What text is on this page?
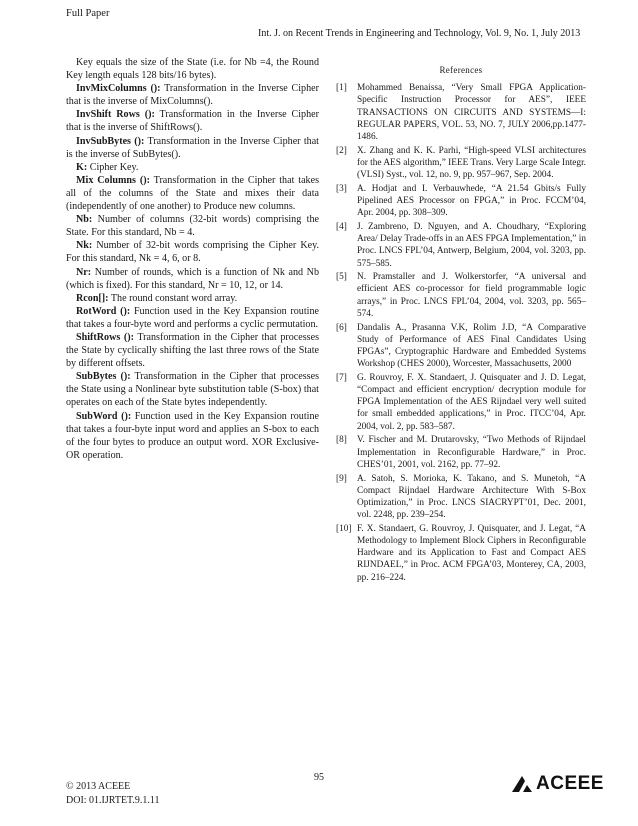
Full Paper
Int. J. on Recent Trends in Engineering and Technology, Vol. 9, No. 1, July 2013

Key equals the size of the State (i.e. for Nb =4, the Round Key length equals 128 bits/16 bytes).

InvMixColumns (): Transformation in the Inverse Cipher that is the inverse of MixColumns().

InvShift Rows (): Transformation in the Inverse Cipher that is the inverse of ShiftRows().

InvSubBytes (): Transformation in the Inverse Cipher that is the inverse of SubBytes().

K: Cipher Key.

Mix Columns (): Transformation in the Cipher that takes all of the columns of the State and mixes their data (independently of one another) to Produce new columns.

Nb: Number of columns (32-bit words) comprising the State. For this standard, Nb = 4.

Nk: Number of 32-bit words comprising the Cipher Key. For this standard, Nk = 4, 6, or 8.

Nr: Number of rounds, which is a function of Nk and Nb (which is fixed). For this standard, Nr = 10, 12, or 14.

Rcon[]: The round constant word array.

RotWord (): Function used in the Key Expansion routine that takes a four-byte word and performs a cyclic permutation.

ShiftRows (): Transformation in the Cipher that processes the State by cyclically shifting the last three rows of the State by different offsets.

SubBytes (): Transformation in the Cipher that processes the State using a Nonlinear byte substitution table (S-box) that operates on each of the State bytes independently.

SubWord (): Function used in the Key Expansion routine that takes a four-byte input word and applies an S-box to each of the four bytes to produce an output word. XOR Exclusive-OR operation.

References
[1]	Mohammed Benaissa, “Very Small FPGA Application-Specific Instruction Processor for AES”, IEEE TRANSACTIONS ON CIRCUITS AND SYSTEMS—I: REGULAR PAPERS, VOL. 53, NO. 7, JULY 2006,pp.1477-1486.
[2]	X. Zhang and K. K. Parhi, “High-speed VLSI architectures for the AES algorithm,” IEEE Trans. Very Large Scale Integr. (VLSI) Syst., vol. 12, no. 9, pp. 957–967, Sep. 2004.
[3]	A. Hodjat and I. Verbauwhede, “A 21.54 Gbits/s Fully Pipelined AES Processor on FPGA,” in Proc. FCCM’04, Apr. 2004, pp. 308–309.
[4]	J. Zambreno, D. Nguyen, and A. Choudhary, “Exploring Area/ Delay Trade-offs in an AES FPGA Implementation,” in Proc. LNCS FPL’04, Antwerp, Belgium, 2004, vol. 3203, pp. 575–585.
[5]	N. Pramstaller and J. Wolkerstorfer, “A universal and efficient AES co-processor for field programmable logic arrays,” in Proc. LNCS FPL’04, 2004, vol. 3203, pp. 565–574.
[6]	Dandalis A., Prasanna V.K, Rolim J.D, “A Comparative Study of Performance of AES Final Candidates Using FPGAs”, Cryptographic Hardware and Embedded Systems Workshop (CHES 2000), Worcester, Massachusetts, 2000
[7]	G. Rouvroy, F. X. Standaert, J. Quisquater and J. D. Legat, “Compact and efficient encryption/ decryption module for FPGA Implementation of the AES Rijndael very well suited for small embedded applications,” in Proc. ITCC’04, Apr. 2004, vol. 2, pp. 583–587.
[8]	V. Fischer and M. Drutarovsky, “Two Methods of Rijndael Implementation in Reconfigurable Hardware,” in Proc. CHES’01, 2001, vol. 2162, pp. 77–92.
[9]	A. Satoh, S. Morioka, K. Takano, and S. Munetoh, “A Compact Rijndael Hardware Architecture With S-Box Optimization,” in Proc. LNCS SIACRYPT’01, Dec. 2001, vol. 2248, pp. 239–254.
[10] F. X. Standaert, G. Rouvroy, J. Quisquater, and J. Legat, “A Methodology to Implement Block Ciphers in Reconfigurable Hardware and its Application to Fast and Compact AES RIJNDAEL,” in Proc. ACM FPGA’03, Monterey, CA, 2003, pp. 216–224.
© 2013 ACEEE
DOI: 01.IJRTET.9.1.11
95	ACEEE
